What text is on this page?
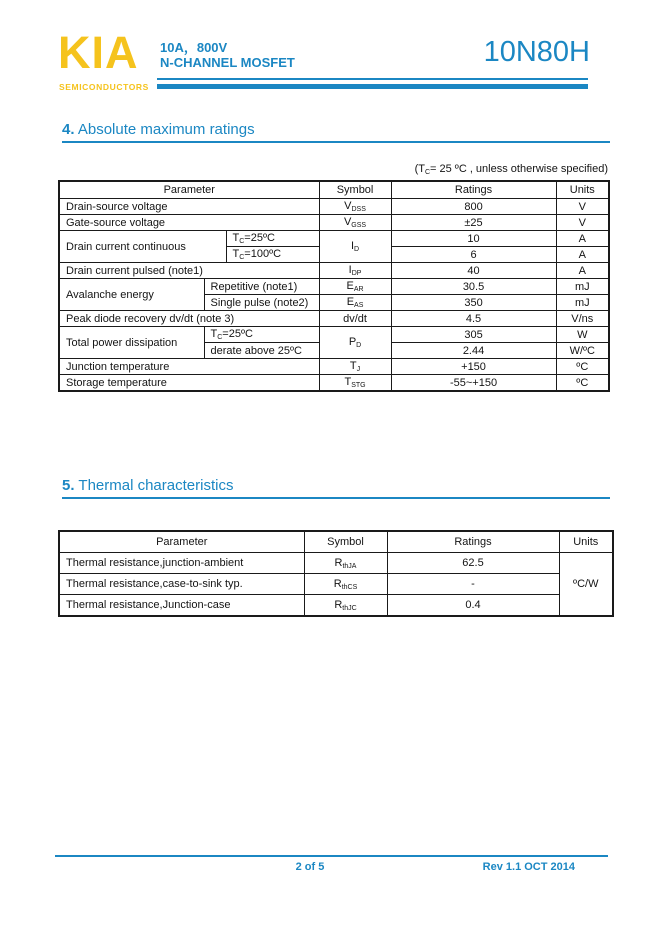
KIA
SEMICONDUCTORS
10A，800V
N-CHANNEL MOSFET	10N80H
4. Absolute maximum ratings
($T_C= 25$ ºC , unless otherwise specified)
Parameter			Symbol	Ratings	Units
Drain-source voltage			$V_{DSS}$	800	V
Gate-source voltage			$V_{GSS}$	±25	V
Drain current continuous		$T_C=25ºC$	$I_D$	10	A
		$T_C=100ºC$		6	A
Drain current pulsed (note1)			$I_{DP}$	40	A
Avalanche energy	Repetitive (note1)		$E_{AR}$	30.5	mJ
	Single pulse (note2)		$E_{AS}$	350	mJ
Peak diode recovery dv/dt (note 3)			dv/dt	4.5	V/ns
Total power dissipation	$T_C=25ºC$		$P_D$	305	W
	derate above 25ºC			2.44	W/ºC
Junction temperature			$T_J$	+150	ºC
Storage temperature			$T_{STG}$	-55~+150	ºC
5. Thermal characteristics
Parameter	Symbol	Ratings	Units
Thermal resistance,junction-ambient	$R_{thJA}$	62.5	ºC/W
Thermal resistance,case-to-sink typ.	$R_{thCS}$	-	
Thermal resistance,Junction-case	$R_{thJC}$	0.4	
2 of 5	Rev 1.1 OCT 2014
